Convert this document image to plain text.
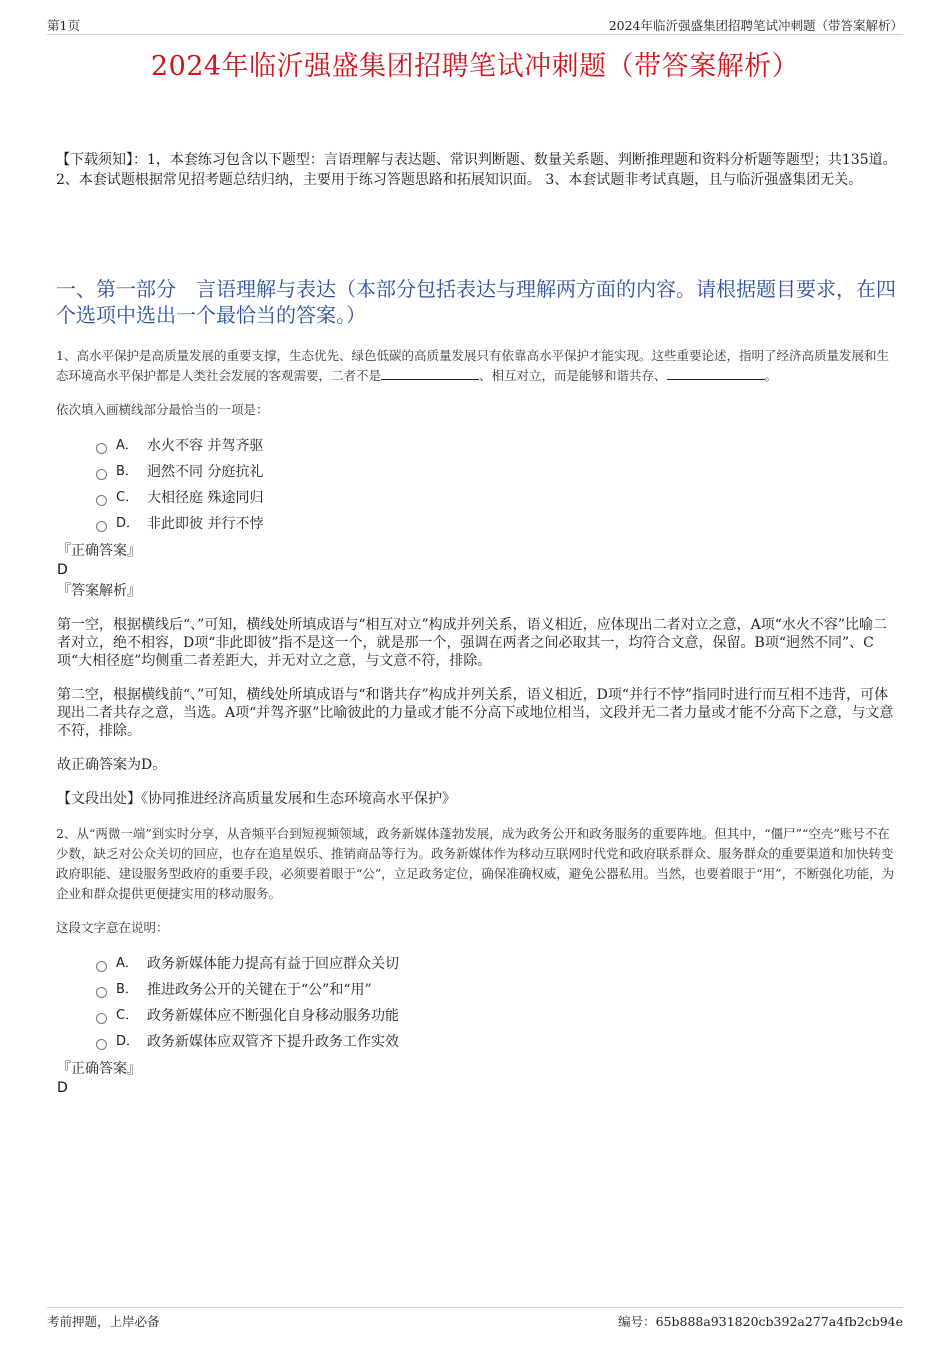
第1页	2024年临沂强盛集团招聘笔试冲刺题（带答案解析）
2024年临沂强盛集团招聘笔试冲刺题（带答案解析）
【下载须知】：1，本套练习包含以下题型：言语理解与表达题、常识判断题、数量关系题、判断推理题和资料分析题等题型；共135道。 2、本套试题根据常见招考题总结归纳，主要用于练习答题思路和拓展知识面。 3、本套试题非考试真题，且与临沂强盛集团无关。
一、第一部分　言语理解与表达（本部分包括表达与理解两方面的内容。请根据题目要求，在四个选项中选出一个最恰当的答案。）
1、高水平保护是高质量发展的重要支撑，生态优先、绿色低碳的高质量发展只有依靠高水平保护才能实现。这些重要论述，指明了经济高质量发展和生态环境高水平保护都是人类社会发展的客观需要，二者不是	、相互对立，而是能够和谐共存、	。
依次填入画横线部分最恰当的一项是：
A． 水火不容 并驾齐驱
B． 迥然不同 分庭抗礼
C． 大相径庭 殊途同归
D． 非此即彼 并行不悖
『正确答案』
D
『答案解析』
第一空，根据横线后“、”可知，横线处所填成语与“相互对立”构成并列关系，语义相近，应体现出二者对立之意，A项“水火不容”比喻二者对立，绝不相容，D项“非此即彼”指不是这一个，就是那一个，强调在两者之间必取其一，均符合文意，保留。B项“迥然不同”、C项“大相径庭”均侧重二者差距大，并无对立之意，与文意不符，排除。
第二空，根据横线前“、”可知，横线处所填成语与“和谐共存”构成并列关系，语义相近，D项“并行不悖”指同时进行而互相不违背，可体现出二者共存之意，当选。A项“并驾齐驱”比喻彼此的力量或才能不分高下或地位相当，文段并无二者力量或才能不分高下之意，与文意不符，排除。
故正确答案为D。
【文段出处】《协同推进经济高质量发展和生态环境高水平保护》
2、从“两微一端”到实时分享，从音频平台到短视频领域，政务新媒体蓬勃发展，成为政务公开和政务服务的重要阵地。但其中，“僵尸”“空壳”账号不在少数，缺乏对公众关切的回应，也存在追星娱乐、推销商品等行为。政务新媒体作为移动互联网时代党和政府联系群众、服务群众的重要渠道和加快转变政府职能、建设服务型政府的重要手段，必须要着眼于“公”，立足政务定位，确保准确权威，避免公器私用。当然，也要着眼于“用”，不断强化功能，为企业和群众提供更便捷实用的移动服务。
这段文字意在说明：
A． 政务新媒体能力提高有益于回应群众关切
B． 推进政务公开的关键在于“公”和“用”
C． 政务新媒体应不断强化自身移动服务功能
D． 政务新媒体应双管齐下提升政务工作实效
『正确答案』
D
考前押题，上岸必备	编号：65b888a931820cb392a277a4fb2cb94e
